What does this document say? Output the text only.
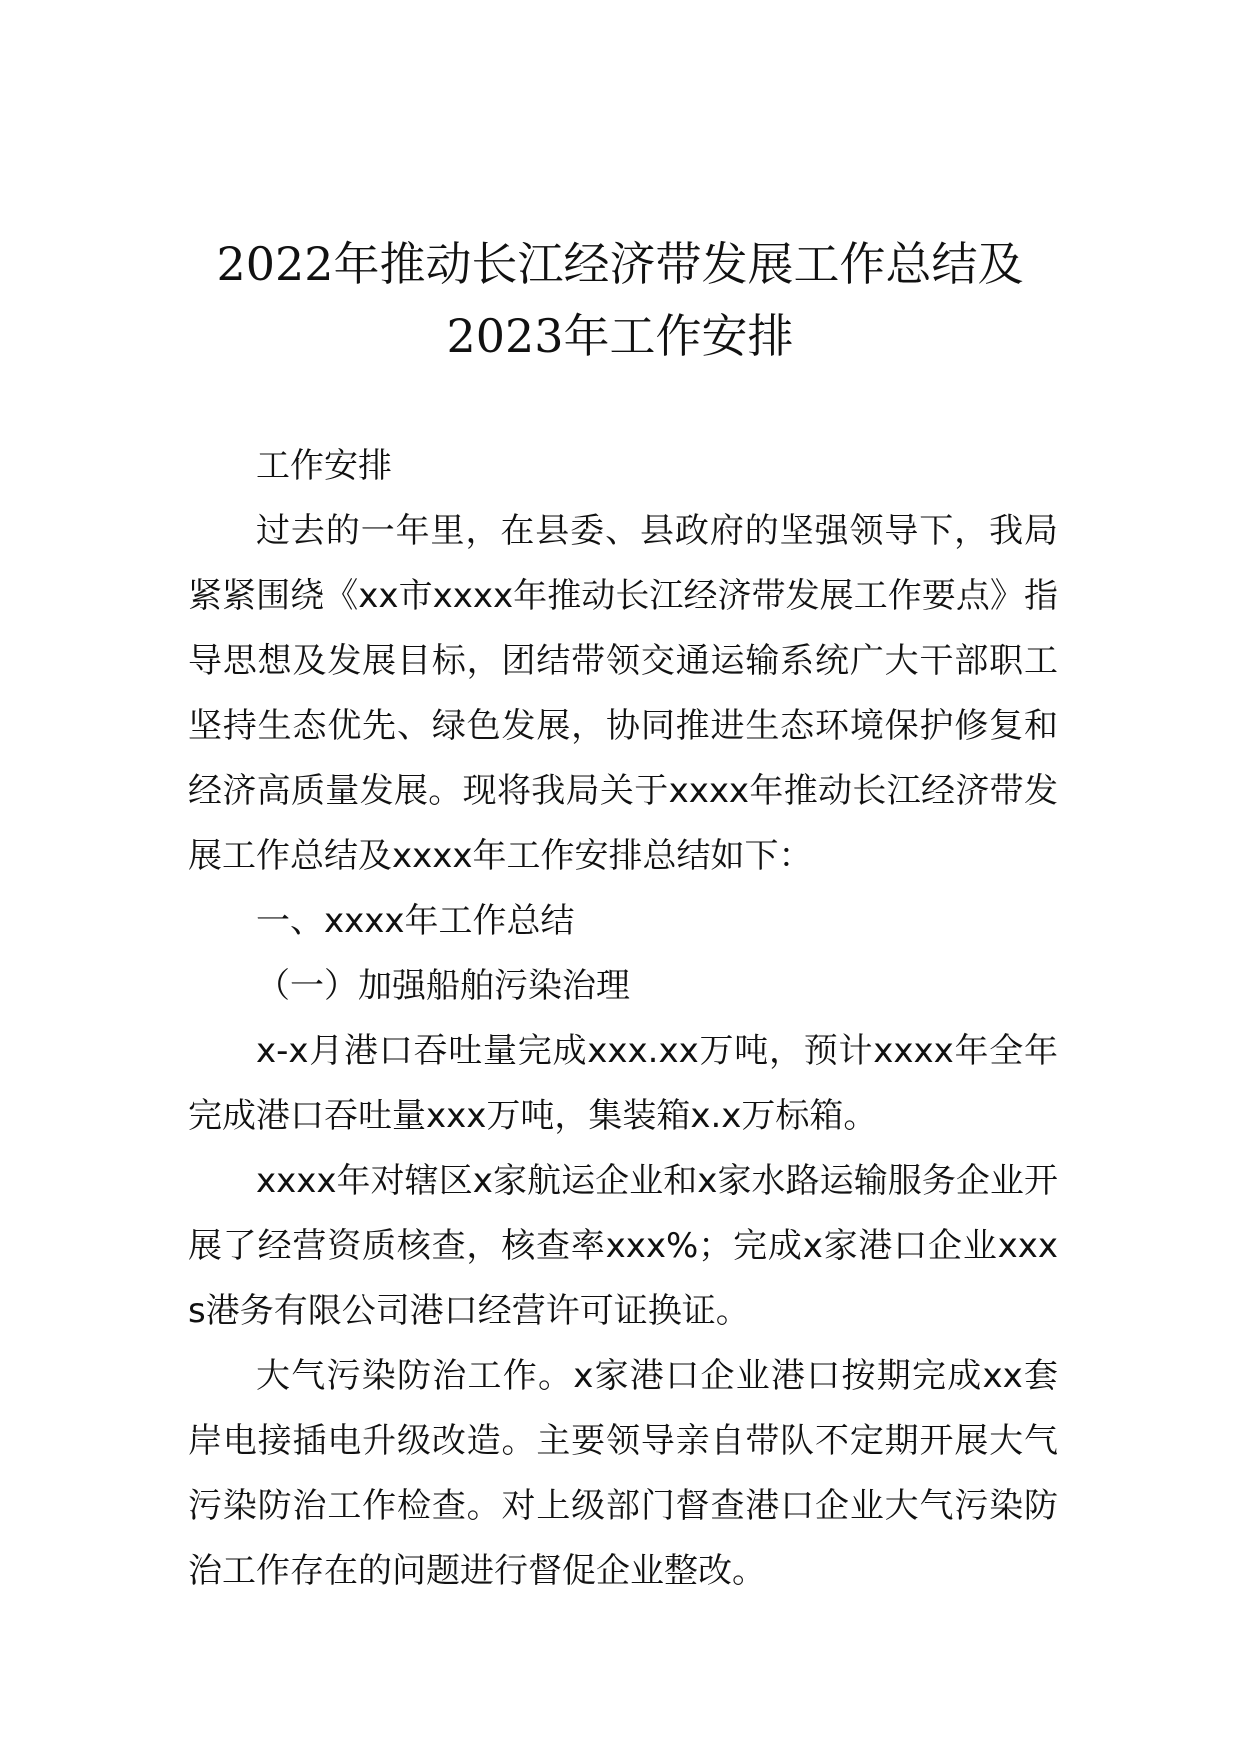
2022年推动长江经济带发展工作总结及
2023年工作安排

工作安排

过去的一年里，在县委、县政府的坚强领导下，我局紧紧围绕《xx市xxxx年推动长江经济带发展工作要点》指导思想及发展目标，团结带领交通运输系统广大干部职工坚持生态优先、绿色发展，协同推进生态环境保护修复和经济高质量发展。现将我局关于xxxx年推动长江经济带发展工作总结及xxxx年工作安排总结如下：

一、xxxx年工作总结

（一）加强船舶污染治理

x-x月港口吞吐量完成xxx.xx万吨，预计xxxx年全年完成港口吞吐量xxx万吨，集装箱x.x万标箱。

xxxx年对辖区x家航运企业和x家水路运输服务企业开展了经营资质核查，核查率xxx%；完成x家港口企业xxxs港务有限公司港口经营许可证换证。

大气污染防治工作。x家港口企业港口按期完成xx套岸电接插电升级改造。主要领导亲自带队不定期开展大气污染防治工作检查。对上级部门督查港口企业大气污染防治工作存在的问题进行督促企业整改。
